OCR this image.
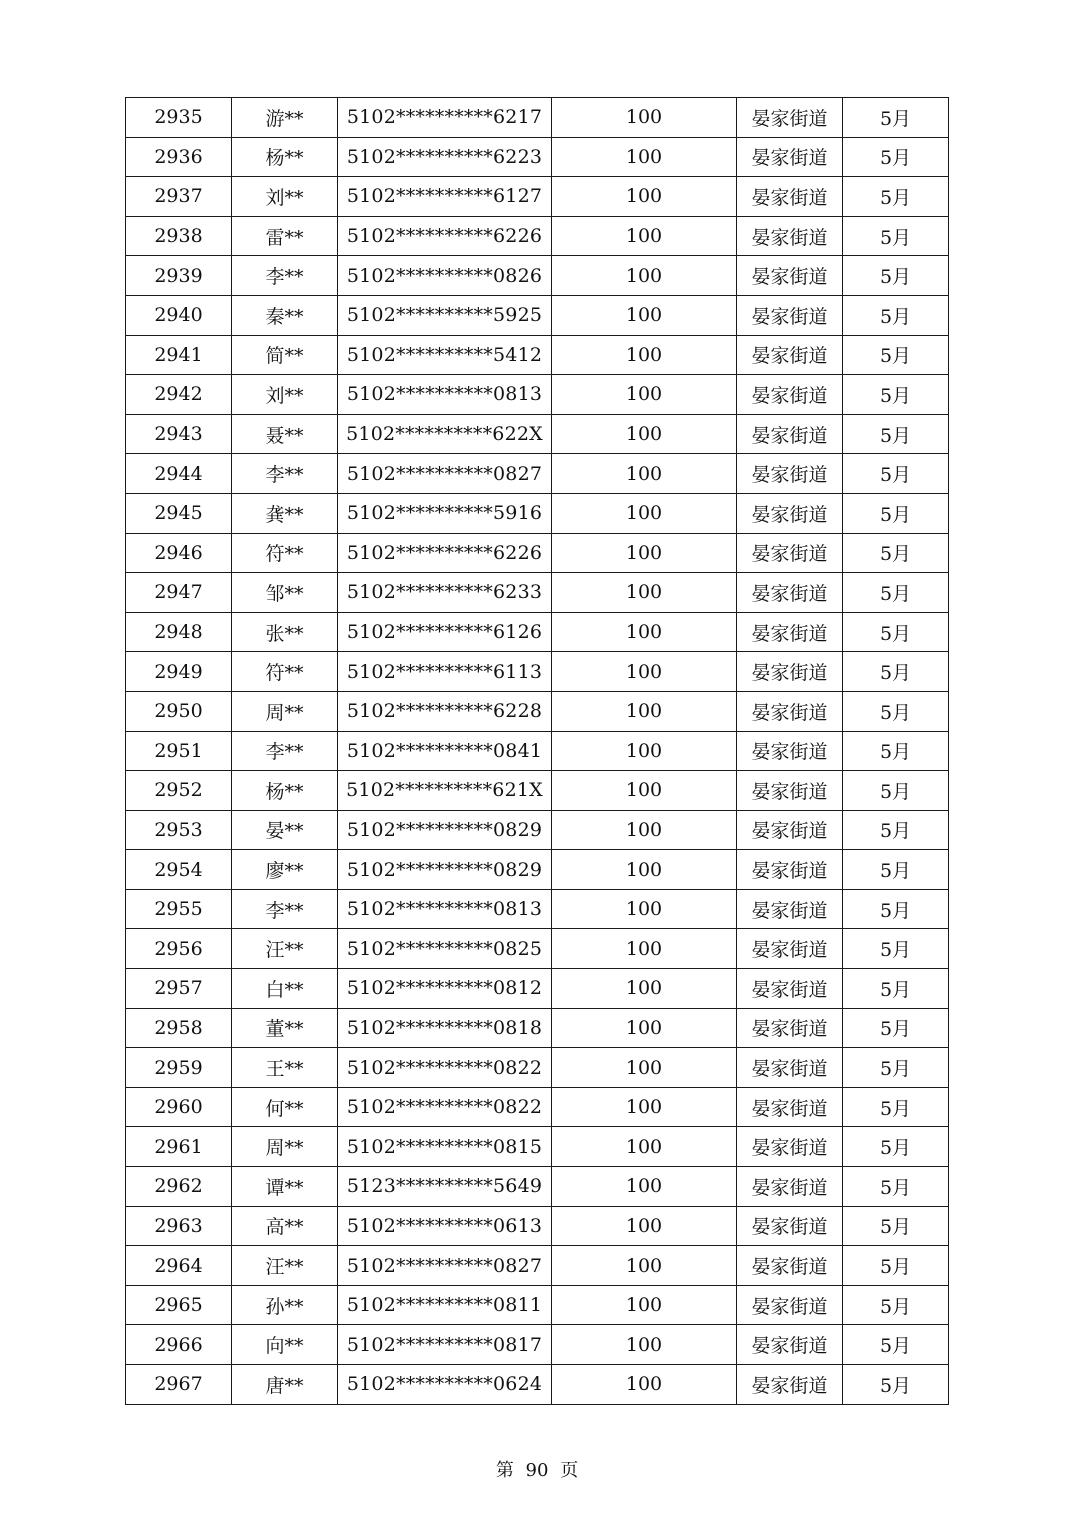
2935	游**	5102**********6217	100	晏家街道	5月
2936	杨**	5102**********6223	100	晏家街道	5月
2937	刘**	5102**********6127	100	晏家街道	5月
2938	雷**	5102**********6226	100	晏家街道	5月
2939	李**	5102**********0826	100	晏家街道	5月
2940	秦**	5102**********5925	100	晏家街道	5月
2941	简**	5102**********5412	100	晏家街道	5月
2942	刘**	5102**********0813	100	晏家街道	5月
2943	聂**	5102**********622X	100	晏家街道	5月
2944	李**	5102**********0827	100	晏家街道	5月
2945	龚**	5102**********5916	100	晏家街道	5月
2946	符**	5102**********6226	100	晏家街道	5月
2947	邹**	5102**********6233	100	晏家街道	5月
2948	张**	5102**********6126	100	晏家街道	5月
2949	符**	5102**********6113	100	晏家街道	5月
2950	周**	5102**********6228	100	晏家街道	5月
2951	李**	5102**********0841	100	晏家街道	5月
2952	杨**	5102**********621X	100	晏家街道	5月
2953	晏**	5102**********0829	100	晏家街道	5月
2954	廖**	5102**********0829	100	晏家街道	5月
2955	李**	5102**********0813	100	晏家街道	5月
2956	汪**	5102**********0825	100	晏家街道	5月
2957	白**	5102**********0812	100	晏家街道	5月
2958	董**	5102**********0818	100	晏家街道	5月
2959	王**	5102**********0822	100	晏家街道	5月
2960	何**	5102**********0822	100	晏家街道	5月
2961	周**	5102**********0815	100	晏家街道	5月
2962	谭**	5123**********5649	100	晏家街道	5月
2963	高**	5102**********0613	100	晏家街道	5月
2964	汪**	5102**********0827	100	晏家街道	5月
2965	孙**	5102**********0811	100	晏家街道	5月
2966	向**	5102**********0817	100	晏家街道	5月
2967	唐**	5102**********0624	100	晏家街道	5月
第 90 页
